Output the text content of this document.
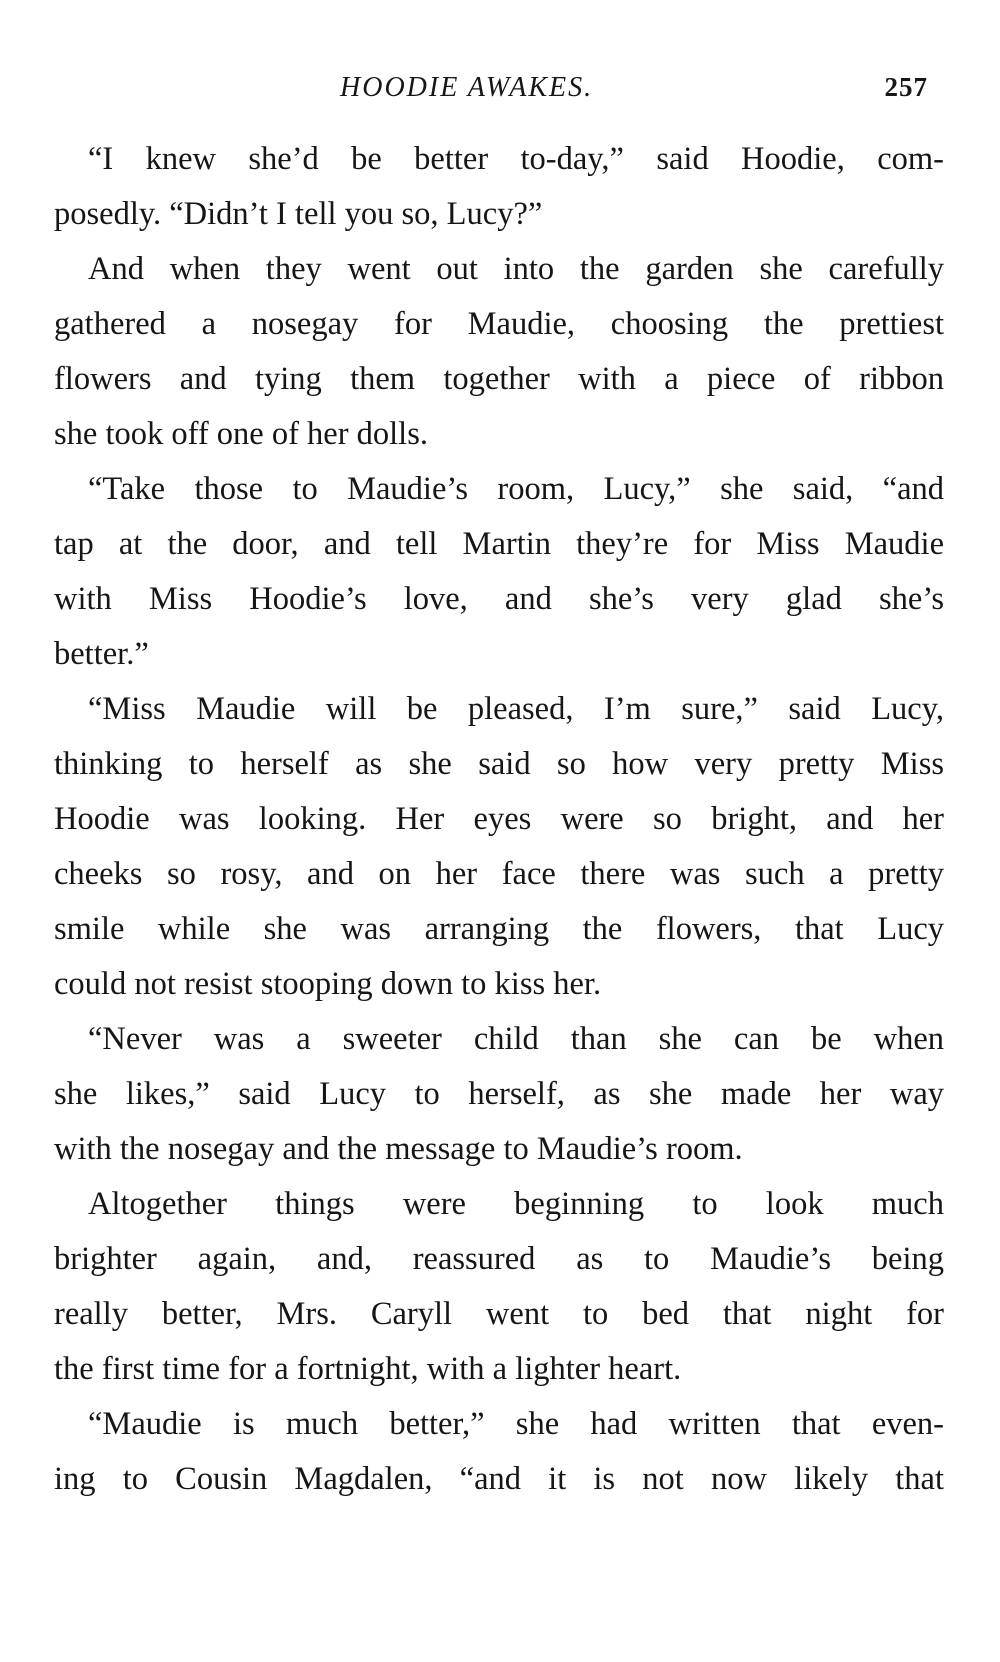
HOODIE AWAKES.	257
“I knew she’d be better to-day,” said Hoodie, com-
posedly. “Didn’t I tell you so, Lucy?”
And when they went out into the garden she carefully
gathered a nosegay for Maudie, choosing the prettiest
flowers and tying them together with a piece of ribbon
she took off one of her dolls.
“Take those to Maudie’s room, Lucy,” she said, “and
tap at the door, and tell Martin they’re for Miss Maudie
with Miss Hoodie’s love, and she’s very glad she’s
better.”
“Miss Maudie will be pleased, I’m sure,” said Lucy,
thinking to herself as she said so how very pretty Miss
Hoodie was looking. Her eyes were so bright, and her
cheeks so rosy, and on her face there was such a pretty
smile while she was arranging the flowers, that Lucy
could not resist stooping down to kiss her.
“Never was a sweeter child than she can be when
she likes,” said Lucy to herself, as she made her way
with the nosegay and the message to Maudie’s room.
Altogether things were beginning to look much
brighter again, and, reassured as to Maudie’s being
really better, Mrs. Caryll went to bed that night for
the first time for a fortnight, with a lighter heart.
“Maudie is much better,” she had written that even-
ing to Cousin Magdalen, “and it is not now likely that
